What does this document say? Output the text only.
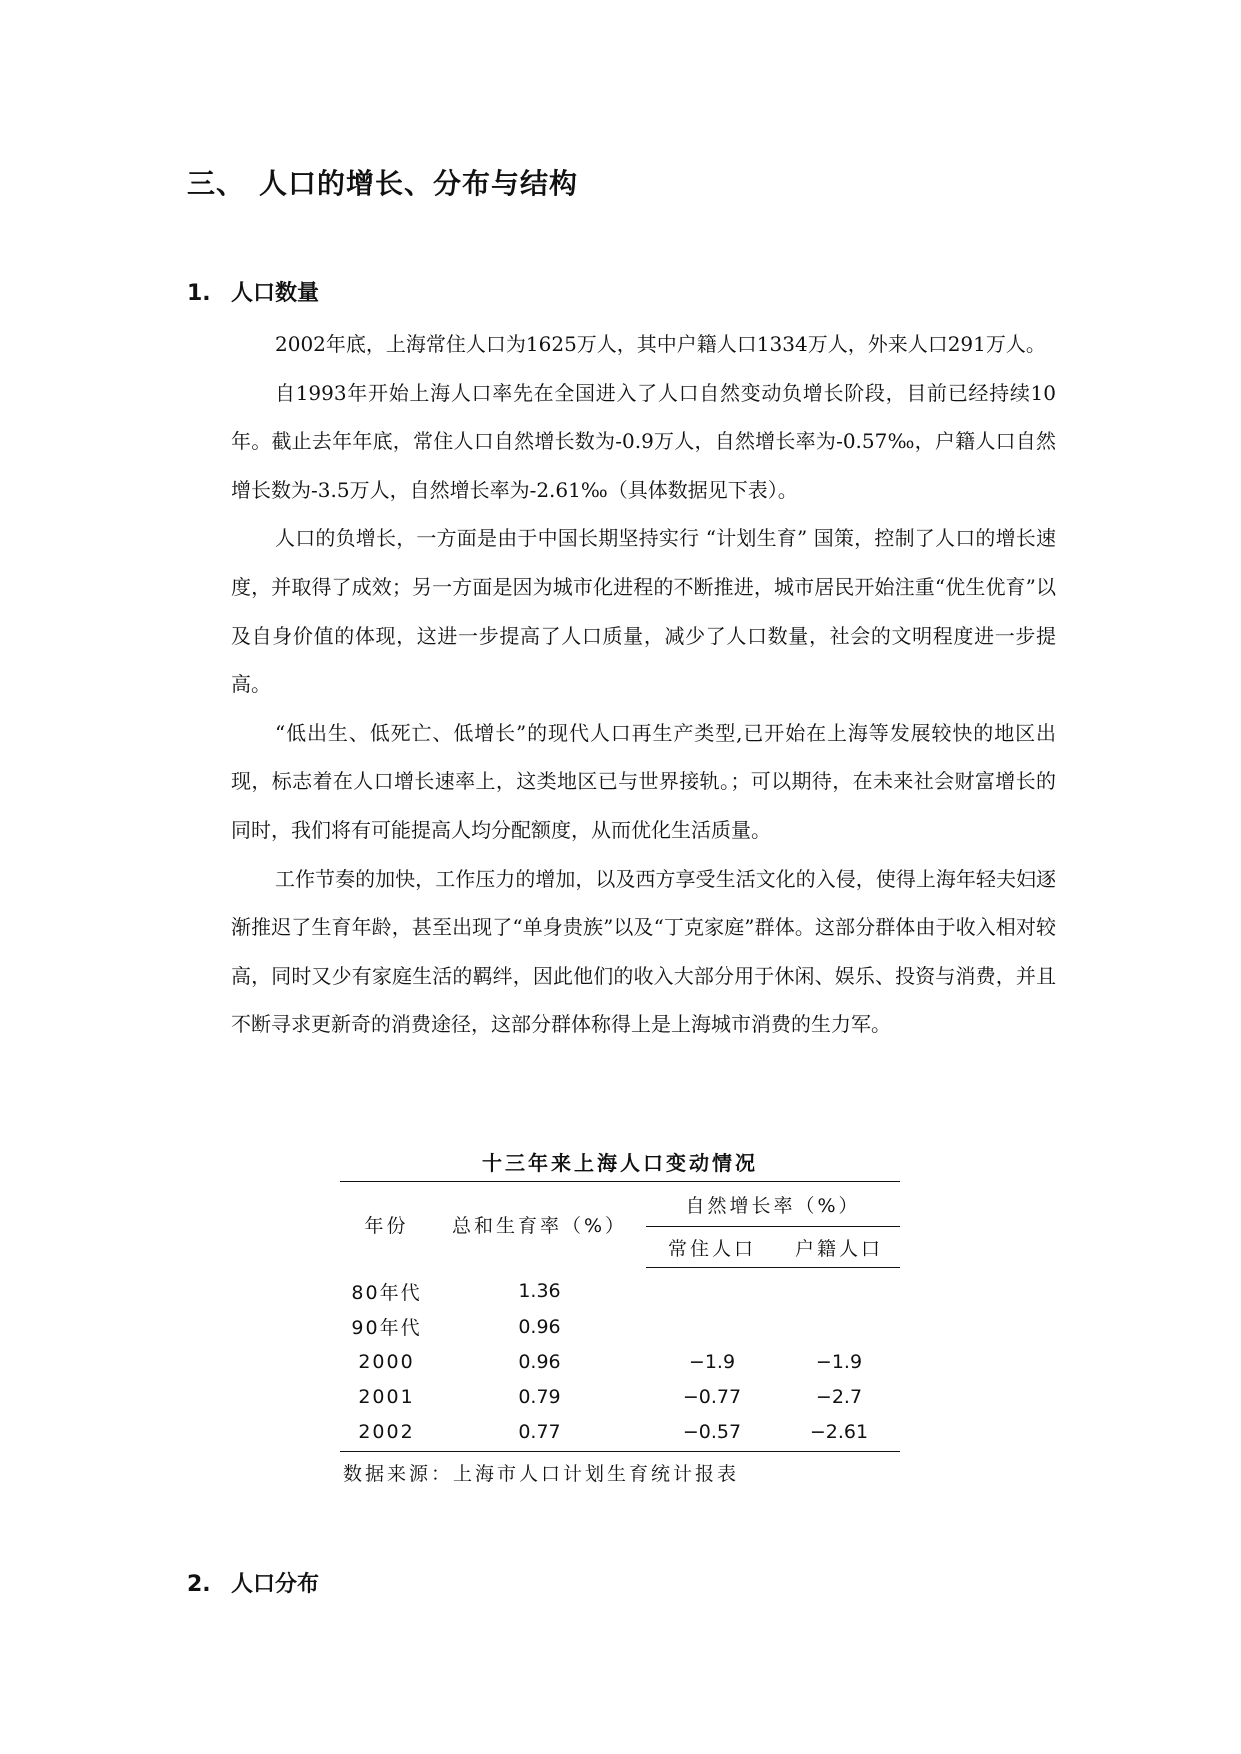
三、 人口的增长、分布与结构
1. 人口数量

2002年底，上海常住人口为1625万人，其中户籍人口1334万人，外来人口291万人。

自1993年开始上海人口率先在全国进入了人口自然变动负增长阶段，目前已经持续10年。截止去年年底，常住人口自然增长数为-0.9万人，自然增长率为-0.57‰，户籍人口自然增长数为-3.5万人，自然增长率为-2.61‰（具体数据见下表）。

人口的负增长，一方面是由于中国长期坚持实行 “计划生育” 国策，控制了人口的增长速度，并取得了成效；另一方面是因为城市化进程的不断推进，城市居民开始注重“优生优育”以及自身价值的体现，这进一步提高了人口质量，减少了人口数量，社会的文明程度进一步提高。

“低出生、低死亡、低增长”的现代人口再生产类型,已开始在上海等发展较快的地区出现，标志着在人口增长速率上，这类地区已与世界接轨。；可以期待，在未来社会财富增长的同时，我们将有可能提高人均分配额度，从而优化生活质量。

工作节奏的加快，工作压力的增加，以及西方享受生活文化的入侵，使得上海年轻夫妇逐渐推迟了生育年龄，甚至出现了“单身贵族”以及“丁克家庭”群体。这部分群体由于收入相对较高，同时又少有家庭生活的羁绊，因此他们的收入大部分用于休闲、娱乐、投资与消费，并且不断寻求更新奇的消费途径，这部分群体称得上是上海城市消费的生力军。

十三年来上海人口变动情况

年份	总和生育率（%）	自然增长率（%）	
		常住人口	户籍人口
80年代	1.36		
90年代	0.96		
2000	0.96	−1.9	−1.9
2001	0.79	−0.77	−2.7
2002	0.77	−0.57	−2.61

数据来源：上海市人口计划生育统计报表

2. 人口分布
